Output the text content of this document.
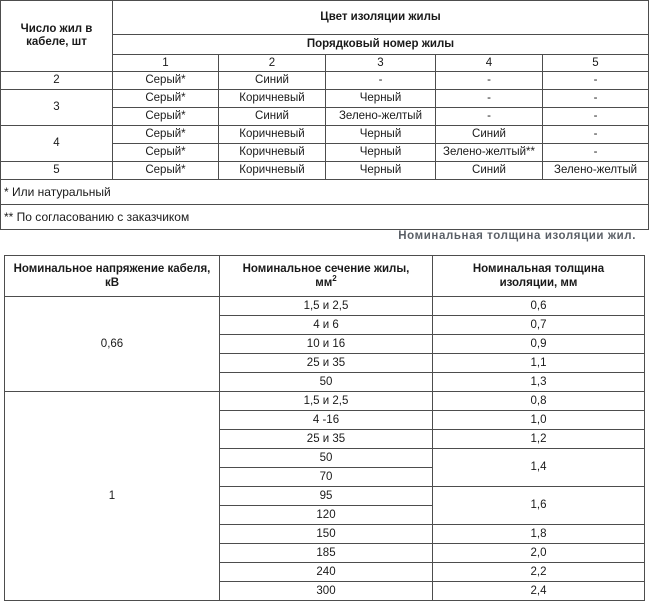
Число жил в кабеле, шт	Цвет изоляции жилы				
	Порядковый номер жилы				
	1	2	3	4	5
2	Серый*	Синий	-	-	-
3	Серый*	Коричневый	Черный	-	-
	Серый*	Синий	Зелено-желтый	-	-
4	Серый*	Коричневый	Черный	Синий	-
	Серый*	Коричневый	Черный	Зелено-желтый**	-
5	Серый*	Коричневый	Черный	Синий	Зелено-желтый
* Или натуральный					
** По согласованию с заказчиком					
Номинальная толщина изоляции жил.
Номинальное напряжение кабеля, кВ	
Номинальное сечение жилы,
$мм^2$

Номинальная толщина
изоляции, мм

0,66	1,5 и 2,5	0,6
	4 и 6	0,7
	10 и 16	0,9
	25 и 35	1,1
	50	1,3
1	1,5 и 2,5	0,8
	4 -16	1,0
	25 и 35	1,2
	50	1,4
	70	
	95	1,6
	120	
	150	1,8
	185	2,0
	240	2,2
	300	2,4
